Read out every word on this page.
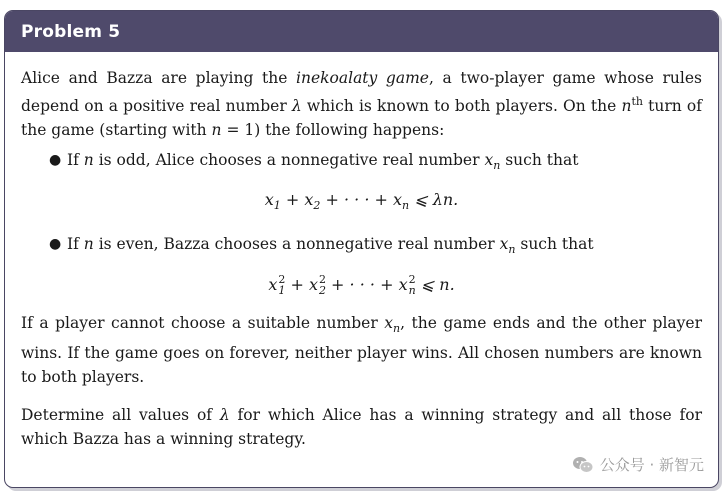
Problem 5

Alice and Bazza are playing the inekoalaty game, a two-player game whose rules depend on a positive real number λ which is known to both players. On the $n^{th}$ turn of the game (starting with n = 1) the following happens:

● If n is odd, Alice chooses a nonnegative real number $x_n$ such that
$x_1 + x_2$ + · · · + $x_n$ ⩽ λn.
● If n is even, Bazza chooses a nonnegative real number $x_n$ such that
x 2
1 + x 2
2 + · · · + x 2
n ⩽ n.

If a player cannot choose a suitable number $x_n$, the game ends and the other player wins. If the game goes on forever, neither player wins. All chosen numbers are known to both players.

Determine all values of λ for which Alice has a winning strategy and all those for which Bazza has a winning strategy.

公众号 · 新智元
